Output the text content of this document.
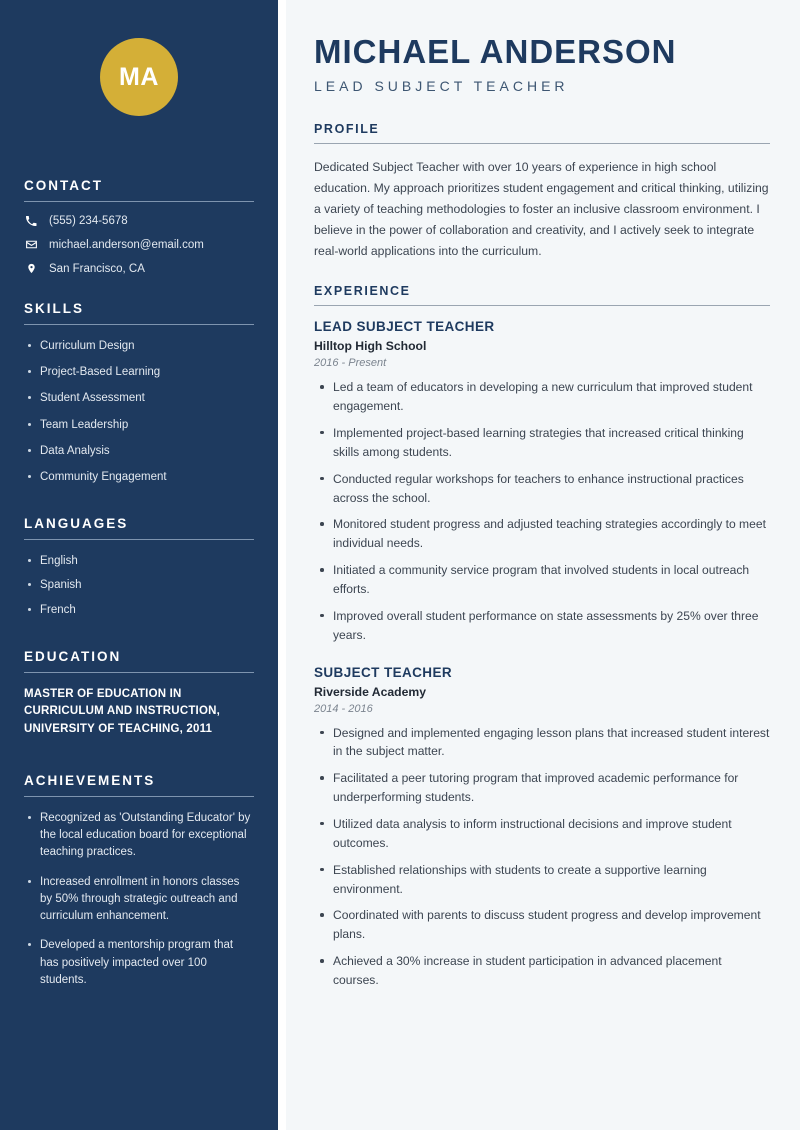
MA
CONTACT
(555) 234-5678
michael.anderson@email.com
San Francisco, CA
SKILLS
Curriculum Design
Project-Based Learning
Student Assessment
Team Leadership
Data Analysis
Community Engagement
LANGUAGES
English
Spanish
French
EDUCATION
MASTER OF EDUCATION IN CURRICULUM AND INSTRUCTION, UNIVERSITY OF TEACHING, 2011
ACHIEVEMENTS
Recognized as 'Outstanding Educator' by the local education board for exceptional teaching practices.
Increased enrollment in honors classes by 50% through strategic outreach and curriculum enhancement.
Developed a mentorship program that has positively impacted over 100 students.
MICHAEL ANDERSON
LEAD SUBJECT TEACHER
PROFILE

Dedicated Subject Teacher with over 10 years of experience in high school education. My approach prioritizes student engagement and critical thinking, utilizing a variety of teaching methodologies to foster an inclusive classroom environment. I believe in the power of collaboration and creativity, and I actively seek to integrate real-world applications into the curriculum.

EXPERIENCE
LEAD SUBJECT TEACHER
Hilltop High School
2016 - Present
Led a team of educators in developing a new curriculum that improved student engagement.
Implemented project-based learning strategies that increased critical thinking skills among students.
Conducted regular workshops for teachers to enhance instructional practices across the school.
Monitored student progress and adjusted teaching strategies accordingly to meet individual needs.
Initiated a community service program that involved students in local outreach efforts.
Improved overall student performance on state assessments by 25% over three years.
SUBJECT TEACHER
Riverside Academy
2014 - 2016
Designed and implemented engaging lesson plans that increased student interest in the subject matter.
Facilitated a peer tutoring program that improved academic performance for underperforming students.
Utilized data analysis to inform instructional decisions and improve student outcomes.
Established relationships with students to create a supportive learning environment.
Coordinated with parents to discuss student progress and develop improvement plans.
Achieved a 30% increase in student participation in advanced placement courses.
